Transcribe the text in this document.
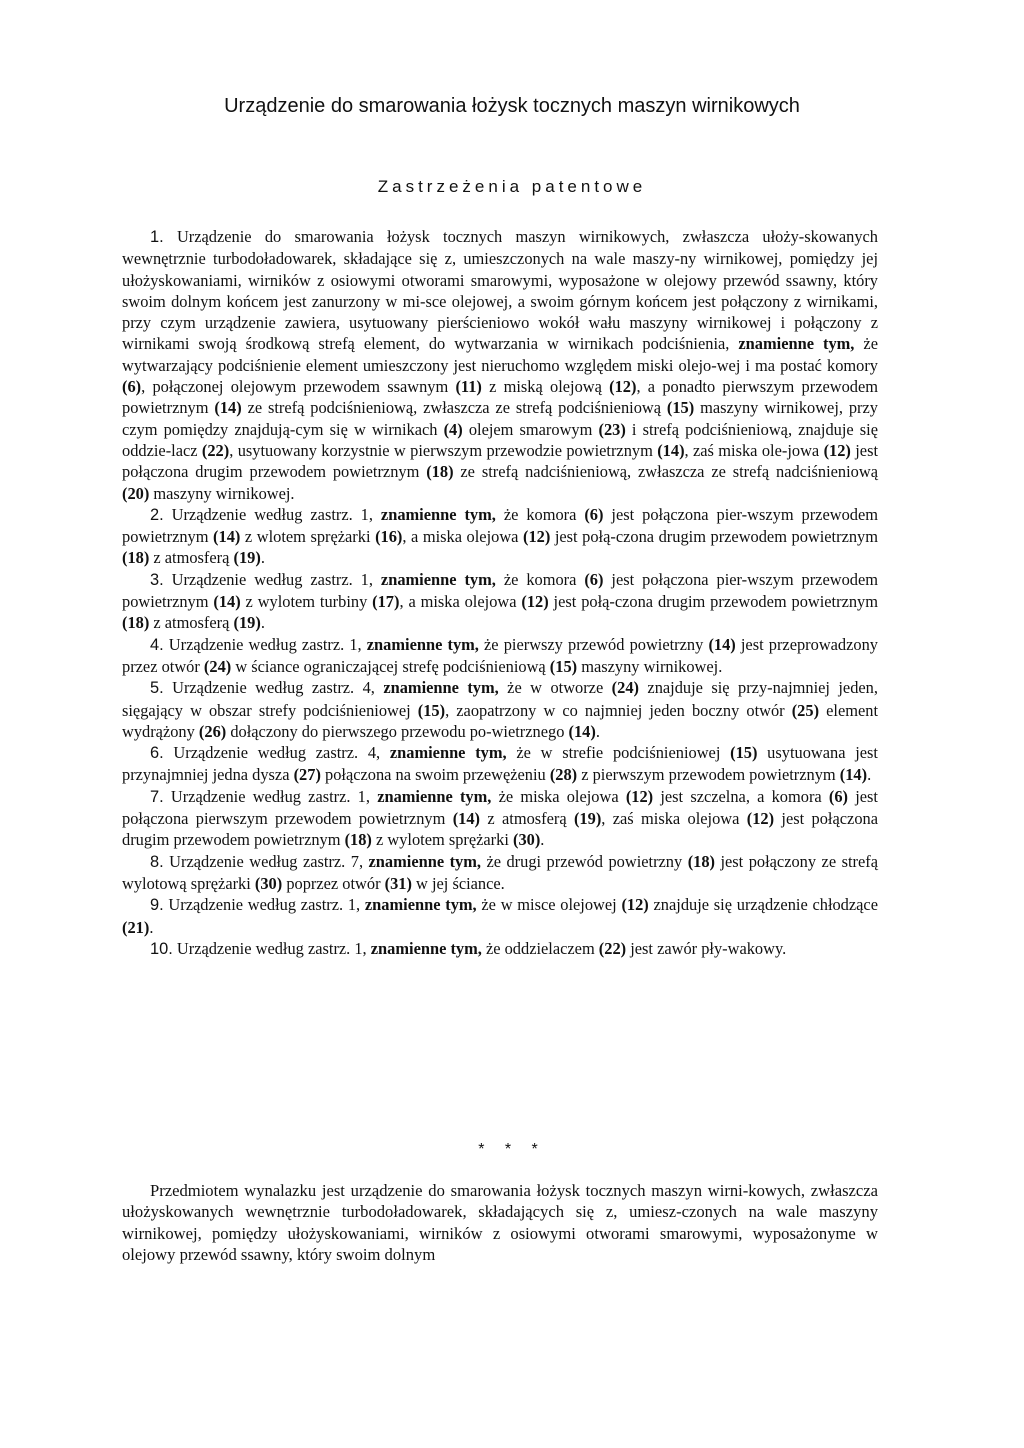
Urządzenie do smarowania łożysk tocznych maszyn wirnikowych
Zastrzeżenia patentowe

1. Urządzenie do smarowania łożysk tocznych maszyn wirnikowych, zwłaszcza ułoży-skowanych wewnętrznie turbodoładowarek, składające się z, umieszczonych na wale maszy-ny wirnikowej, pomiędzy jej ułożyskowaniami, wirników z osiowymi otworami smarowymi, wyposażone w olejowy przewód ssawny, który swoim dolnym końcem jest zanurzony w mi-sce olejowej, a swoim górnym końcem jest połączony z wirnikami, przy czym urządzenie zawiera, usytuowany pierścieniowo wokół wału maszyny wirnikowej i połączony z wirnikami swoją środkową strefą element, do wytwarzania w wirnikach podciśnienia, znamienne tym, że wytwarzający podciśnienie element umieszczony jest nieruchomo względem miski olejo-wej i ma postać komory (6), połączonej olejowym przewodem ssawnym (11) z miską olejową (12), a ponadto pierwszym przewodem powietrznym (14) ze strefą podciśnieniową, zwłaszcza ze strefą podciśnieniową (15) maszyny wirnikowej, przy czym pomiędzy znajdują-cym się w wirnikach (4) olejem smarowym (23) i strefą podciśnieniową, znajduje się oddzie-lacz (22), usytuowany korzystnie w pierwszym przewodzie powietrznym (14), zaś miska ole-jowa (12) jest połączona drugim przewodem powietrznym (18) ze strefą nadciśnieniową, zwłaszcza ze strefą nadciśnieniową (20) maszyny wirnikowej.

2. Urządzenie według zastrz. 1, znamienne tym, że komora (6) jest połączona pier-wszym przewodem powietrznym (14) z wlotem sprężarki (16), a miska olejowa (12) jest połą-czona drugim przewodem powietrznym (18) z atmosferą (19).

3. Urządzenie według zastrz. 1, znamienne tym, że komora (6) jest połączona pier-wszym przewodem powietrznym (14) z wylotem turbiny (17), a miska olejowa (12) jest połą-czona drugim przewodem powietrznym (18) z atmosferą (19).

4. Urządzenie według zastrz. 1, znamienne tym, że pierwszy przewód powietrzny (14) jest przeprowadzony przez otwór (24) w ściance ograniczającej strefę podciśnieniową (15) maszyny wirnikowej.

5. Urządzenie według zastrz. 4, znamienne tym, że w otworze (24) znajduje się przy-najmniej jeden, sięgający w obszar strefy podciśnieniowej (15), zaopatrzony w co najmniej jeden boczny otwór (25) element wydrążony (26) dołączony do pierwszego przewodu po-wietrznego (14).

6. Urządzenie według zastrz. 4, znamienne tym, że w strefie podciśnieniowej (15) usytuowana jest przynajmniej jedna dysza (27) połączona na swoim przewężeniu (28) z pierwszym przewodem powietrznym (14).

7. Urządzenie według zastrz. 1, znamienne tym, że miska olejowa (12) jest szczelna, a komora (6) jest połączona pierwszym przewodem powietrznym (14) z atmosferą (19), zaś miska olejowa (12) jest połączona drugim przewodem powietrznym (18) z wylotem sprężarki (30).

8. Urządzenie według zastrz. 7, znamienne tym, że drugi przewód powietrzny (18) jest połączony ze strefą wylotową sprężarki (30) poprzez otwór (31) w jej ściance.

9. Urządzenie według zastrz. 1, znamienne tym, że w misce olejowej (12) znajduje się urządzenie chłodzące (21).

10. Urządzenie według zastrz. 1, znamienne tym, że oddzielaczem (22) jest zawór pły-wakowy.

* * *

Przedmiotem wynalazku jest urządzenie do smarowania łożysk tocznych maszyn wirni-kowych, zwłaszcza ułożyskowanych wewnętrznie turbodoładowarek, składających się z, umiesz-czonych na wale maszyny wirnikowej, pomiędzy ułożyskowaniami, wirników z osiowymi otworami smarowymi, wyposażonyme w olejowy przewód ssawny, który swoim dolnym
